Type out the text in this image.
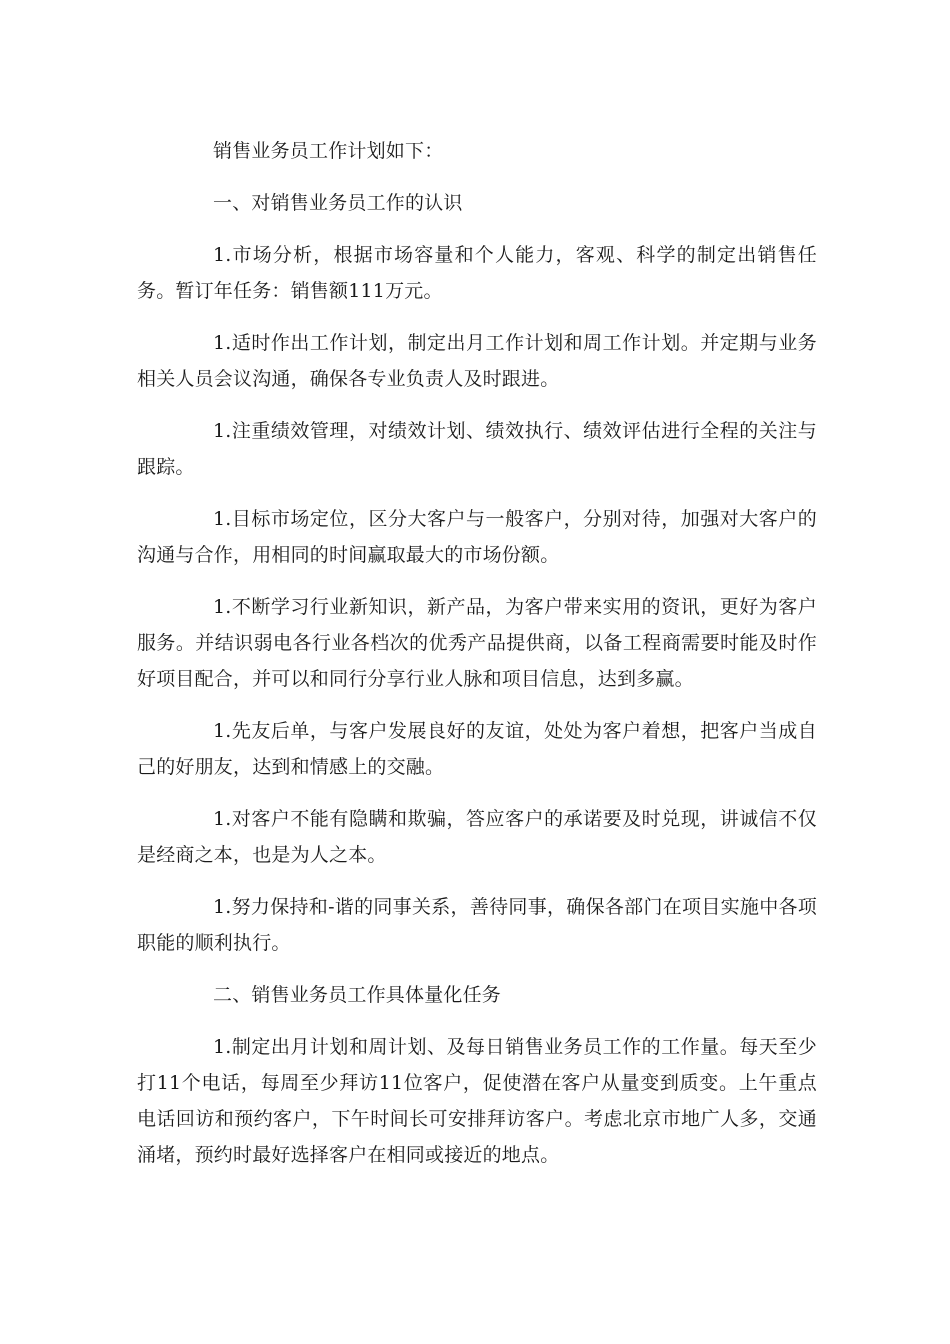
销售业务员工作计划如下：

一、对销售业务员工作的认识

1.市场分析，根据市场容量和个人能力，客观、科学的制定出销售任务。暂订年任务：销售额111万元。

1.适时作出工作计划，制定出月工作计划和周工作计划。并定期与业务相关人员会议沟通，确保各专业负责人及时跟进。

1.注重绩效管理，对绩效计划、绩效执行、绩效评估进行全程的关注与跟踪。

1.目标市场定位，区分大客户与一般客户，分别对待，加强对大客户的沟通与合作，用相同的时间赢取最大的市场份额。

1.不断学习行业新知识，新产品，为客户带来实用的资讯，更好为客户服务。并结识弱电各行业各档次的优秀产品提供商，以备工程商需要时能及时作好项目配合，并可以和同行分享行业人脉和项目信息，达到多赢。

1.先友后单，与客户发展良好的友谊，处处为客户着想，把客户当成自己的好朋友，达到和情感上的交融。

1.对客户不能有隐瞒和欺骗，答应客户的承诺要及时兑现，讲诚信不仅是经商之本，也是为人之本。

1.努力保持和-谐的同事关系，善待同事，确保各部门在项目实施中各项职能的顺利执行。

二、销售业务员工作具体量化任务

1.制定出月计划和周计划、及每日销售业务员工作的工作量。每天至少打11个电话，每周至少拜访11位客户，促使潜在客户从量变到质变。上午重点电话回访和预约客户，下午时间长可安排拜访客户。考虑北京市地广人多，交通涌堵，预约时最好选择客户在相同或接近的地点。
